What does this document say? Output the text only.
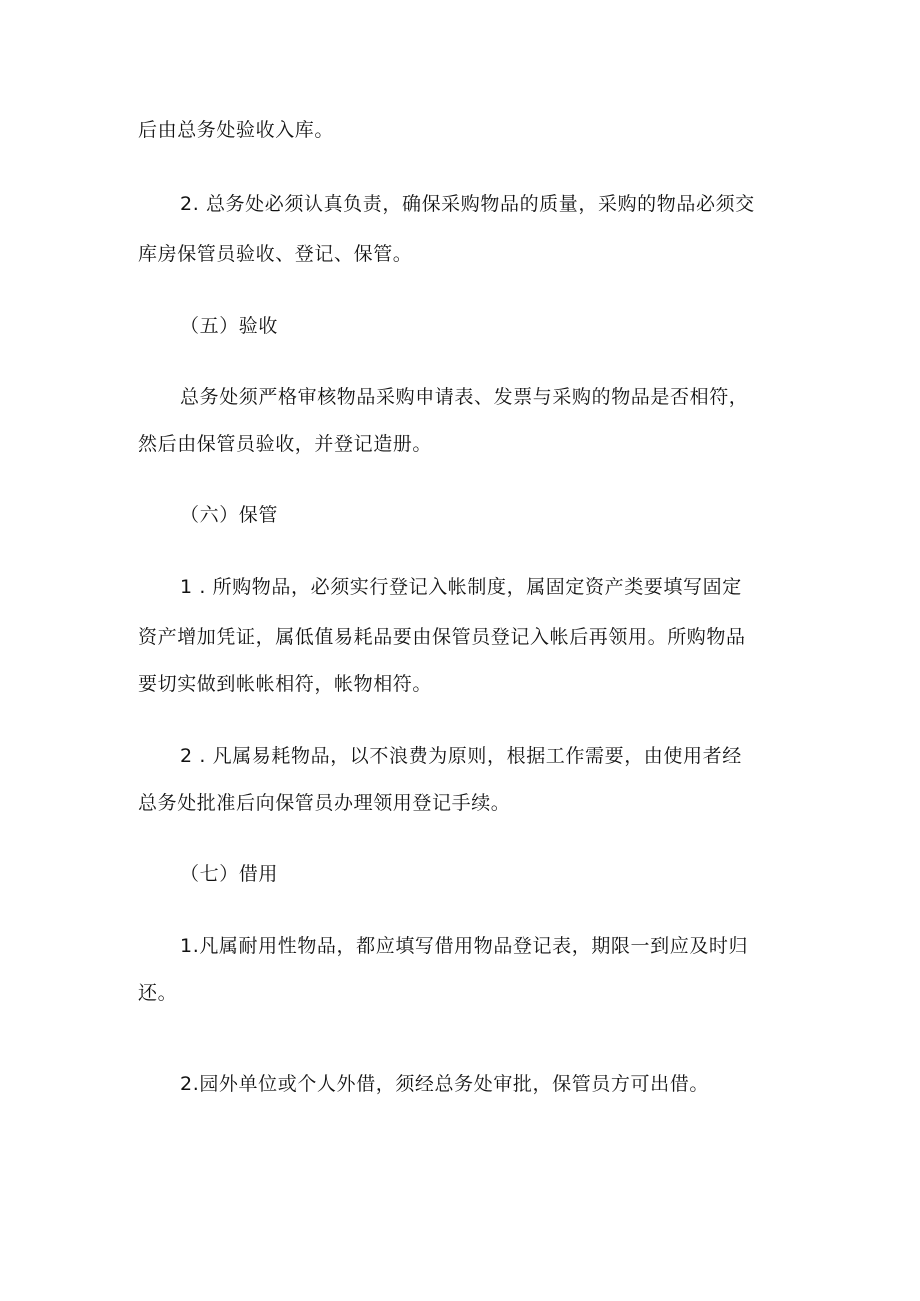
后由总务处验收入库。
2. 总务处必须认真负责，确保采购物品的质量，采购的物品必须交
库房保管员验收、登记、保管。
（五）验收
总务处须严格审核物品采购申请表、发票与采购的物品是否相符，
然后由保管员验收，并登记造册。
（六）保管
1 . 所购物品，必须实行登记入帐制度，属固定资产类要填写固定
资产增加凭证，属低值易耗品要由保管员登记入帐后再领用。所购物品
要切实做到帐帐相符，帐物相符。
2 . 凡属易耗物品，以不浪费为原则，根据工作需要，由使用者经
总务处批准后向保管员办理领用登记手续。
（七）借用
1.凡属耐用性物品，都应填写借用物品登记表，期限一到应及时归
还。
2.园外单位或个人外借，须经总务处审批，保管员方可出借。
